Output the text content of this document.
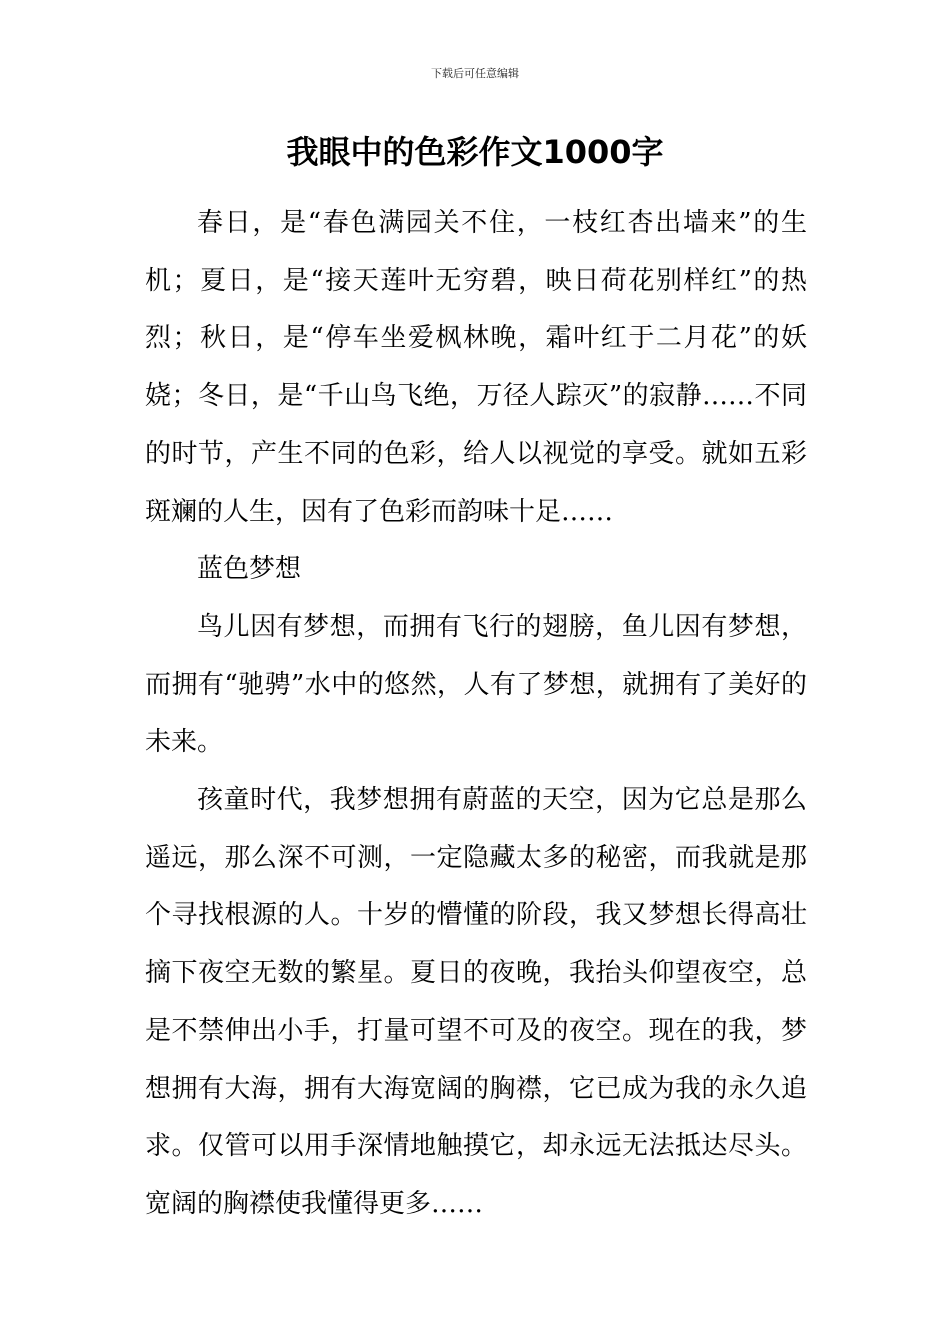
下载后可任意编辑
我眼中的色彩作文1000字

春日，是“春色满园关不住，一枝红杏出墙来”的生机；夏日，是“接天莲叶无穷碧，映日荷花别样红”的热烈；秋日，是“停车坐爱枫林晚，霜叶红于二月花”的妖娆；冬日，是“千山鸟飞绝，万径人踪灭”的寂静……不同的时节，产生不同的色彩，给人以视觉的享受。就如五彩斑斓的人生，因有了色彩而韵味十足……

蓝色梦想

鸟儿因有梦想，而拥有飞行的翅膀，鱼儿因有梦想，而拥有“驰骋”水中的悠然，人有了梦想，就拥有了美好的未来。

孩童时代，我梦想拥有蔚蓝的天空，因为它总是那么遥远，那么深不可测，一定隐藏太多的秘密，而我就是那个寻找根源的人。十岁的懵懂的阶段，我又梦想长得高壮摘下夜空无数的繁星。夏日的夜晚，我抬头仰望夜空，总是不禁伸出小手，打量可望不可及的夜空。现在的我，梦想拥有大海，拥有大海宽阔的胸襟，它已成为我的永久追求。仅管可以用手深情地触摸它，却永远无法抵达尽头。宽阔的胸襟使我懂得更多……
